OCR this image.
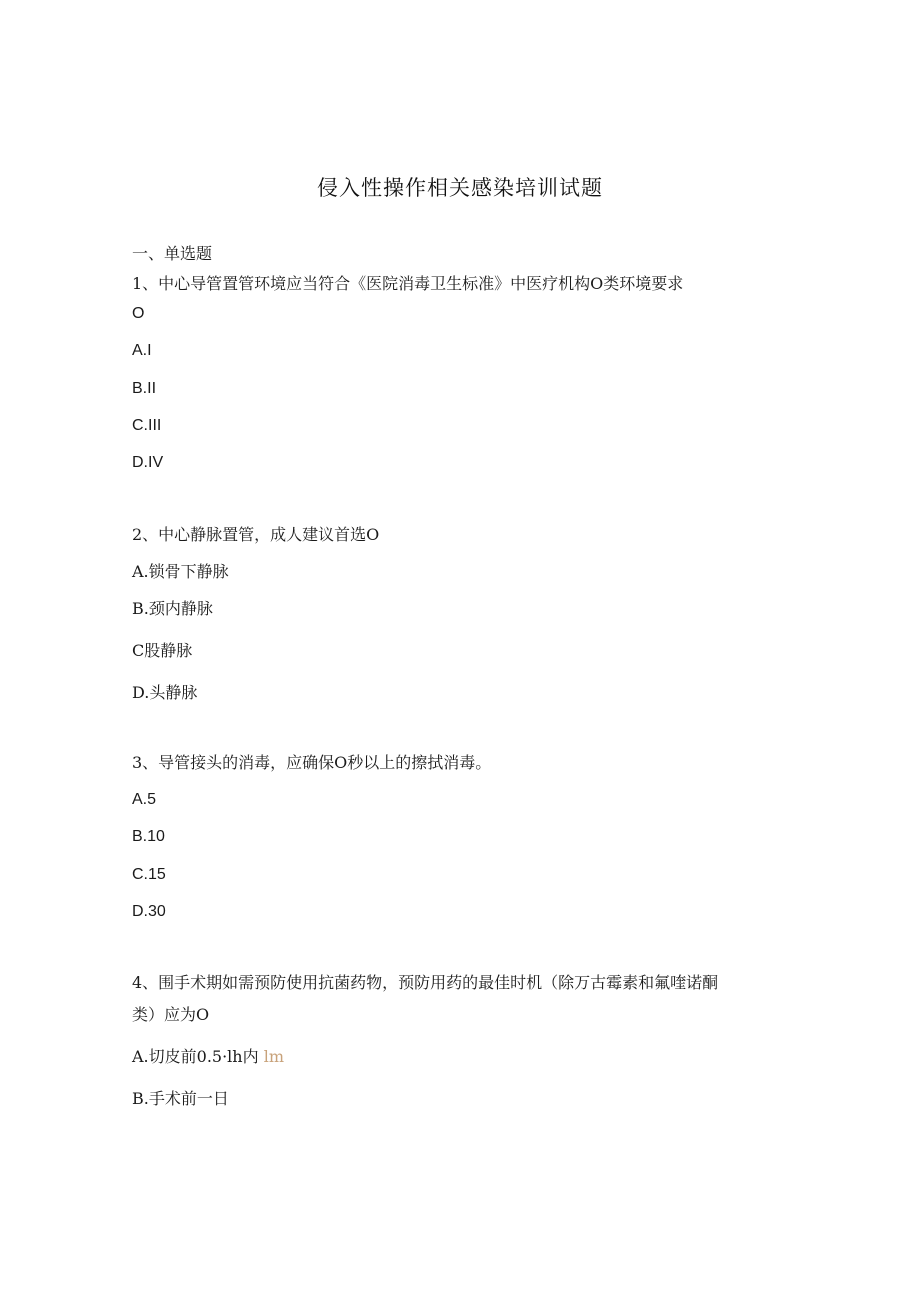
侵入性操作相关感染培训试题
一、单选题
1、中心导管置管环境应当符合《医院消毒卫生标准》中医疗机构O类环境要求
O
A.I
B.II
C.III
D.IV
2、中心静脉置管，成人建议首选O
A.锁骨下静脉
B.颈内静脉
C股静脉
D.头静脉
3、导管接头的消毒，应确保O秒以上的擦拭消毒。
A.5
B.10
C.15
D.30
4、围手术期如需预防使用抗菌药物，预防用药的最佳时机（除万古霉素和氟喹诺酮
类）应为O
A.切皮前0.5·lh内 lm
B.手术前一日
